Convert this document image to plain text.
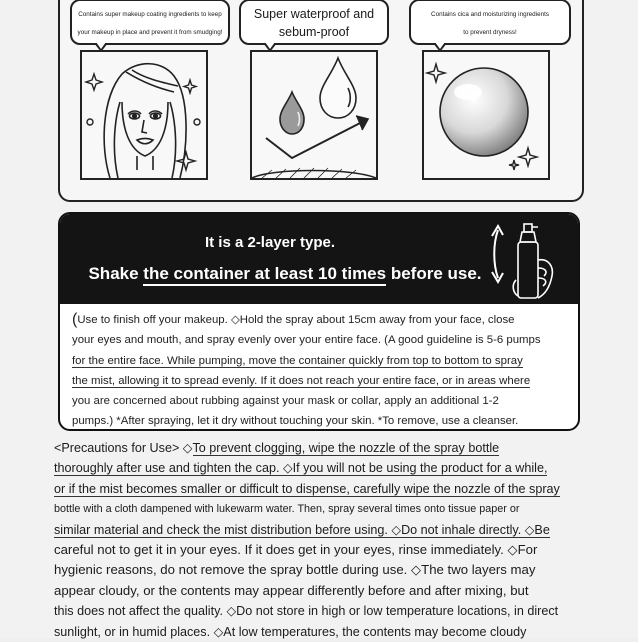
Contains super makeup coating ingredients to keep
your makeup in place and prevent it from smudging!
Super waterproof and
sebum-proof
Contains cica and moisturizing ingredients
to prevent dryness!
It is a 2-layer type.
Shake the container at least 10 times before use.
(Use to finish off your makeup. ◇Hold the spray about 15cm away from your face, close
your eyes and mouth, and spray evenly over your entire face. (A good guideline is 5-6 pumps
for the entire face. While pumping, move the container quickly from top to bottom to spray
the mist, allowing it to spread evenly. If it does not reach your entire face, or in areas where
you are concerned about rubbing against your mask or collar, apply an additional 1-2
pumps.) *After spraying, let it dry without touching your skin. *To remove, use a cleanser.
<Precautions for Use> ◇To prevent clogging, wipe the nozzle of the spray bottle
thoroughly after use and tighten the cap. ◇If you will not be using the product for a while,
or if the mist becomes smaller or difficult to dispense, carefully wipe the nozzle of the spray
bottle with a cloth dampened with lukewarm water. Then, spray several times onto tissue paper or
similar material and check the mist distribution before using. ◇Do not inhale directly. ◇Be
careful not to get it in your eyes. If it does get in your eyes, rinse immediately. ◇For
hygienic reasons, do not remove the spray bottle during use. ◇The two layers may
appear cloudy, or the contents may appear differently before and after mixing, but
this does not affect the quality. ◇Do not store in high or low temperature locations, in direct
sunlight, or in humid places. ◇At low temperatures, the contents may become cloudy
